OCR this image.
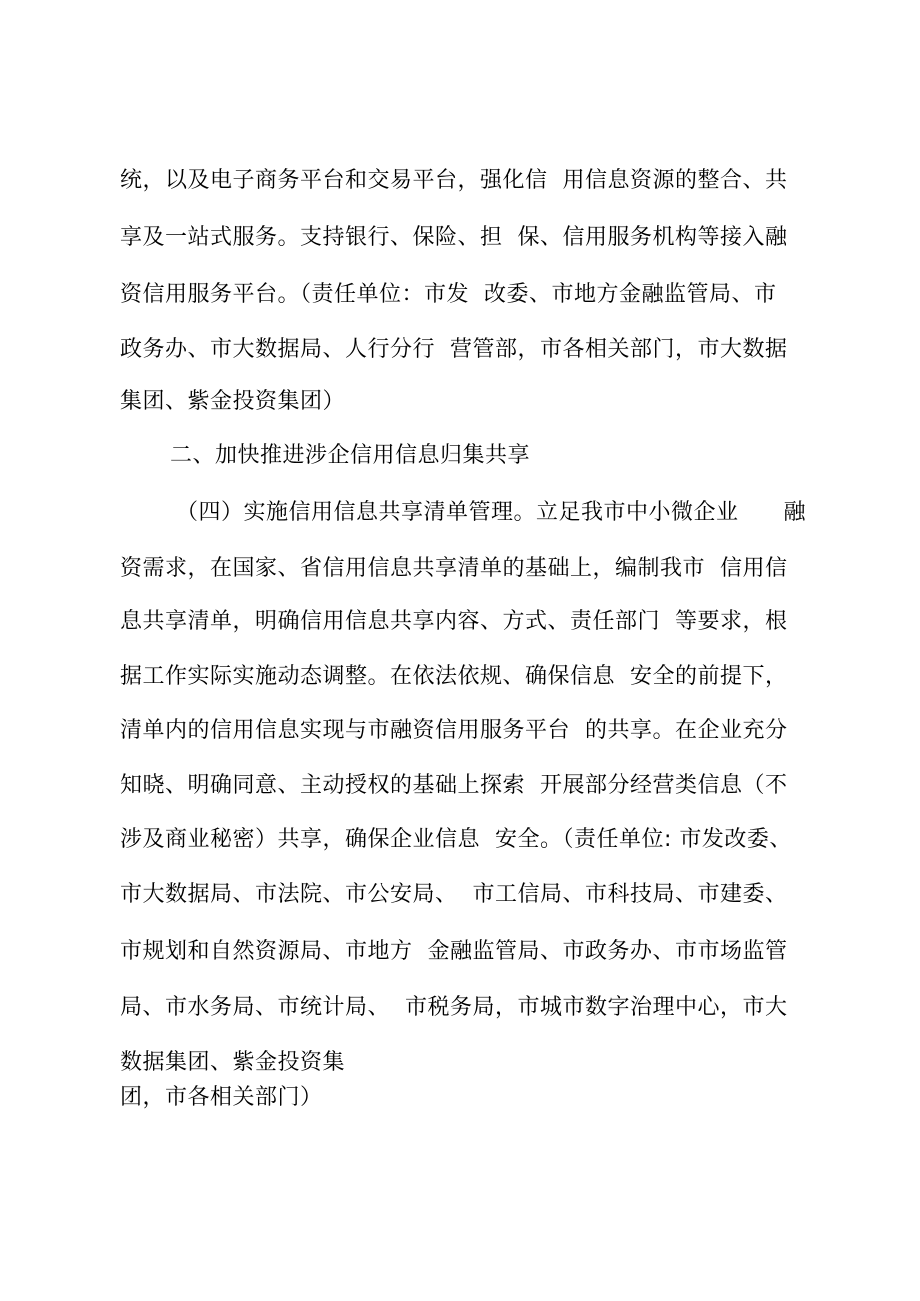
统，以及电子商务平台和交易平台，强化信  用信息资源的整合、共
享及一站式服务。支持银行、保险、担  保、信用服务机构等接入融
资信用服务平台。（责任单位：市发  改委、市地方金融监管局、市
政务办、市大数据局、人行分行  营管部，市各相关部门，市大数据
集团、紫金投资集团）
二、加快推进涉企信用信息归集共享
（四）实施信用信息共享清单管理。立足我市中小微企业      融
资需求，在国家、省信用信息共享清单的基础上，编制我市  信用信
息共享清单，明确信用信息共享内容、方式、责任部门  等要求，根
据工作实际实施动态调整。在依法依规、确保信息  安全的前提下，
清单内的信用信息实现与市融资信用服务平台  的共享。在企业充分
知晓、明确同意、主动授权的基础上探索  开展部分经营类信息（不
涉及商业秘密）共享，确保企业信息  安全。（责任单位: 市发改委、
市大数据局、市法院、市公安局、  市工信局、市科技局、市建委、
市规划和自然资源局、市地方  金融监管局、市政务办、市市场监管
局、市水务局、市统计局、  市税务局，市城市数字治理中心，市大
数据集团、紫金投资集
团，市各相关部门）
